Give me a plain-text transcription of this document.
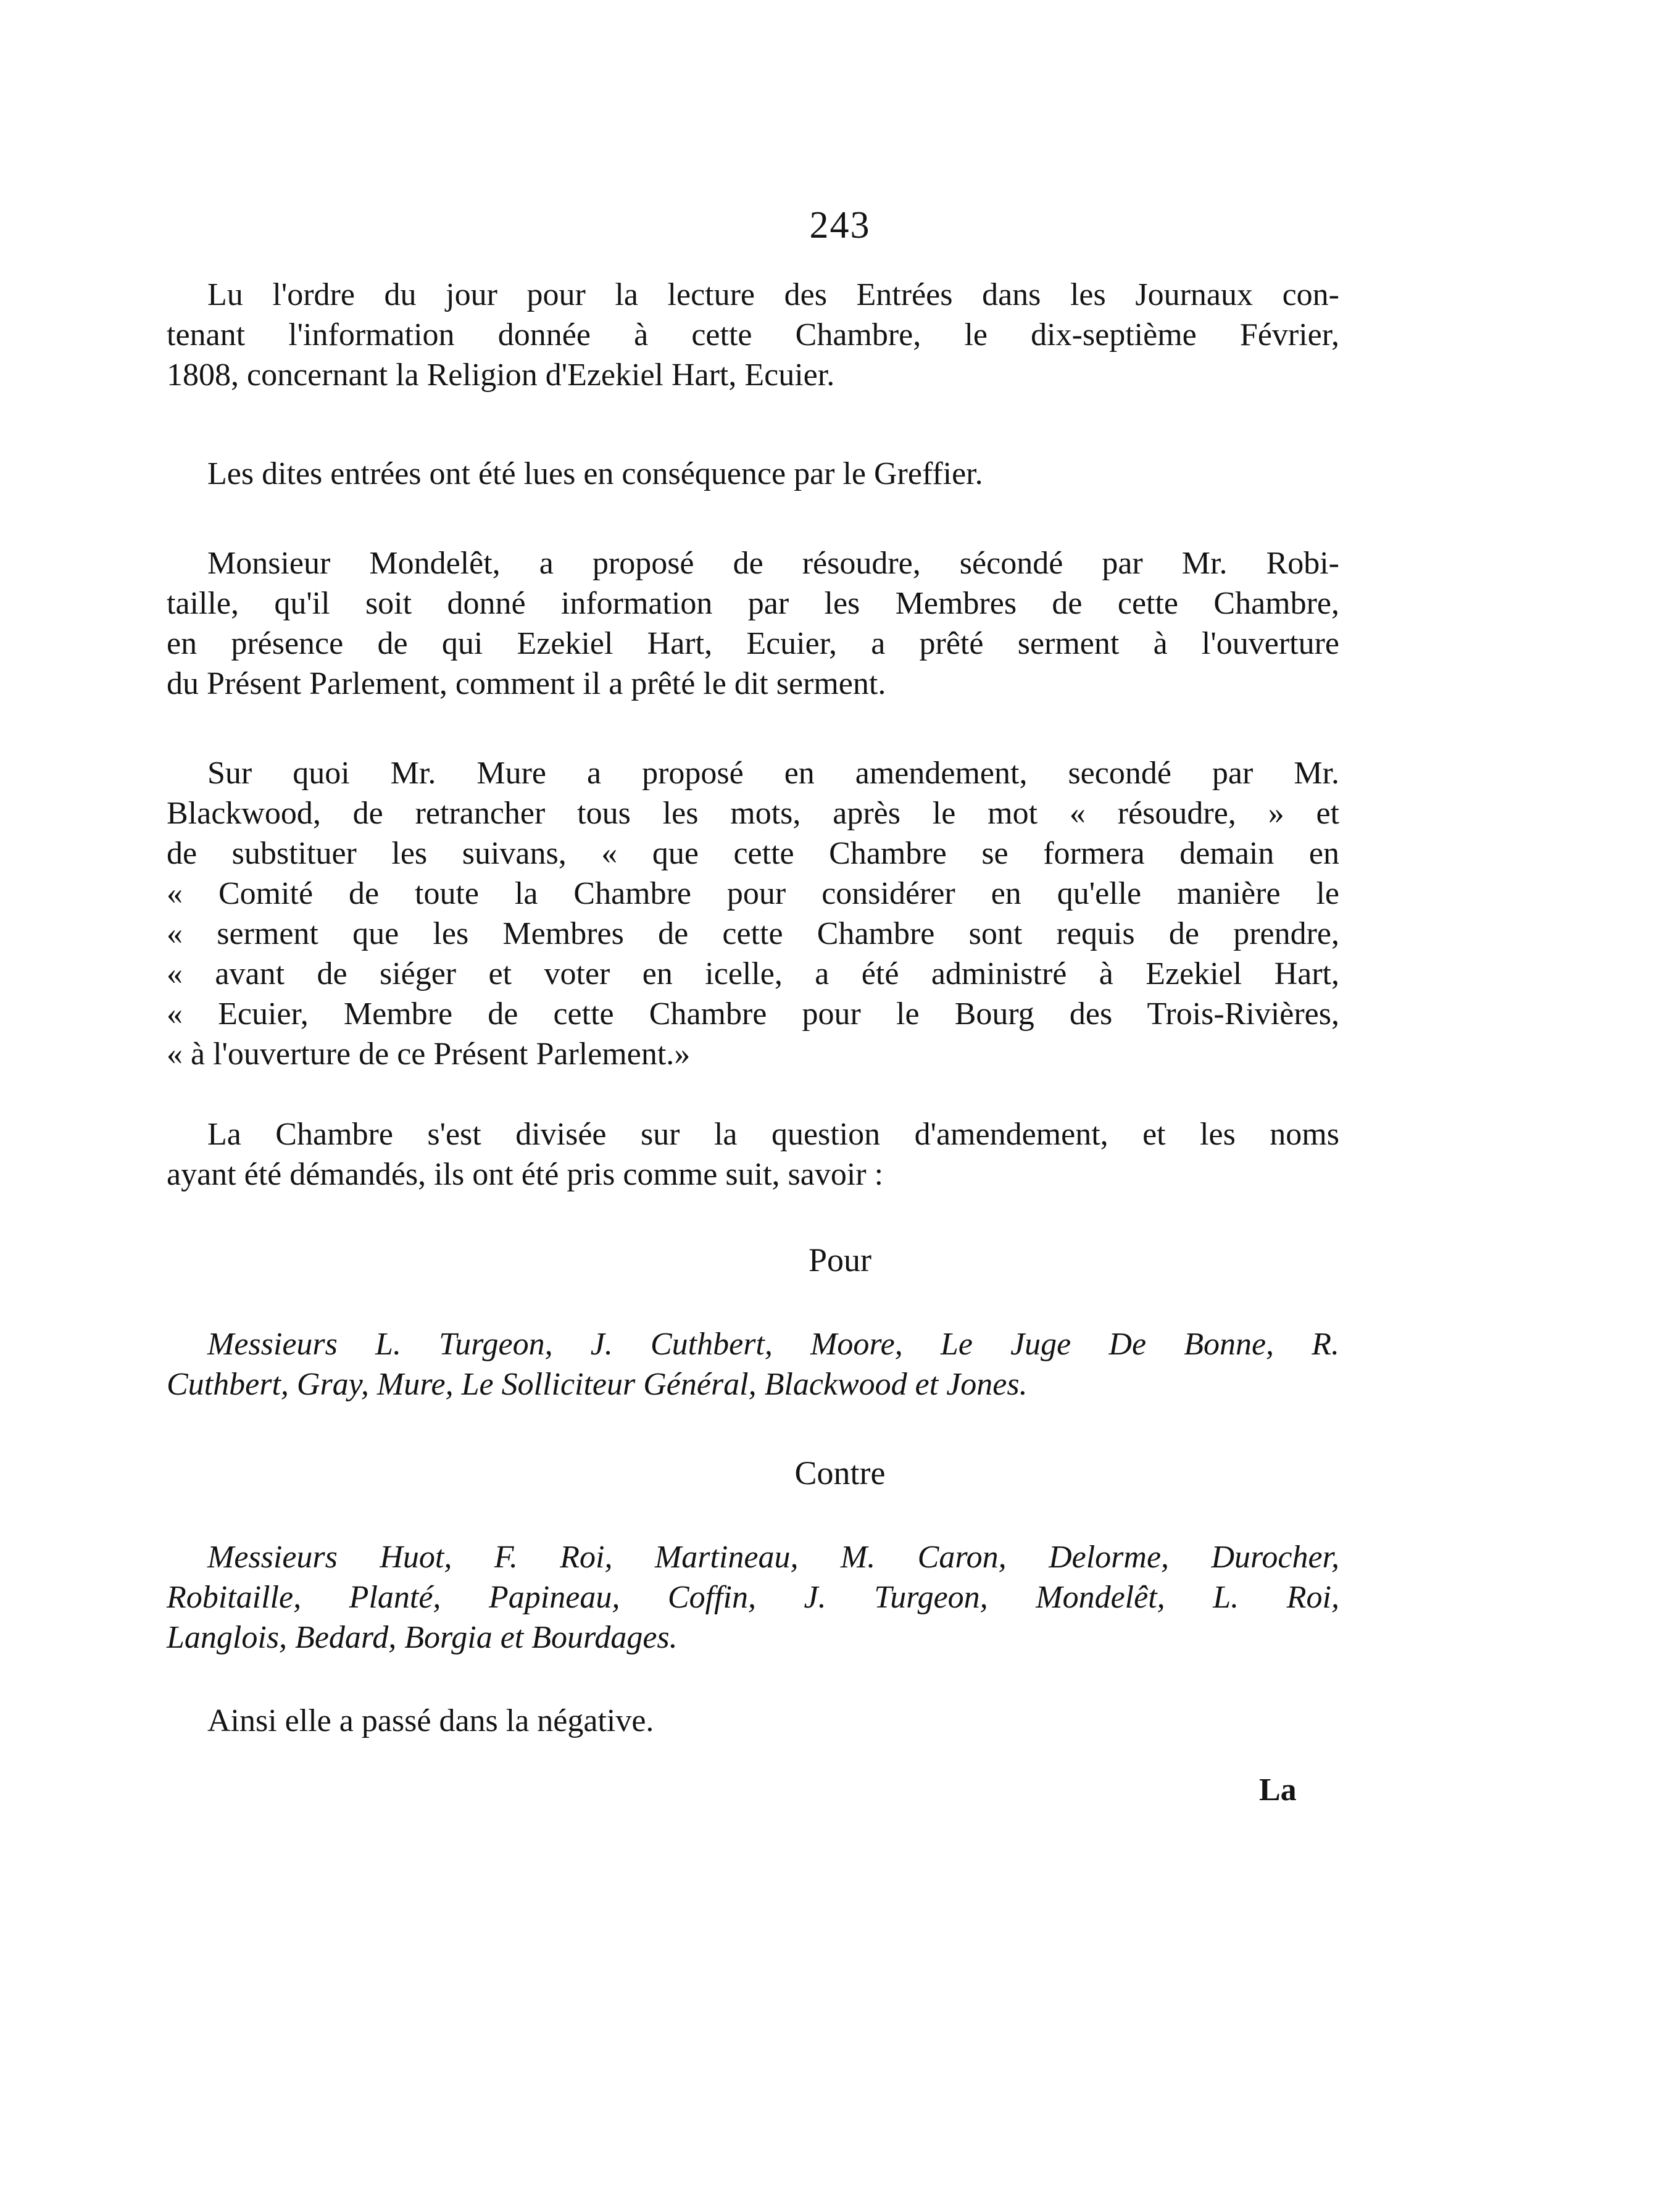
243
Lu l'ordre du jour pour la lecture des Entrées dans les Journaux con-
tenant l'information donnée à cette Chambre, le dix-septième Février,
1808, concernant la Religion d'Ezekiel Hart, Ecuier.
Les dites entrées ont été lues en conséquence par le Greffier.
Monsieur Mondelêt, a proposé de résoudre, sécondé par Mr. Robi-
taille, qu'il soit donné information par les Membres de cette Chambre,
en présence de qui Ezekiel Hart, Ecuier, a prêté serment à l'ouverture
du Présent Parlement, comment il a prêté le dit serment.
Sur quoi Mr. Mure a proposé en amendement, secondé par Mr.
Blackwood, de retrancher tous les mots, après le mot « résoudre, » et
de substituer les suivans, « que cette Chambre se formera demain en
« Comité de toute la Chambre pour considérer en qu'elle manière le
« serment que les Membres de cette Chambre sont requis de prendre,
« avant de siéger et voter en icelle, a été administré à Ezekiel Hart,
« Ecuier, Membre de cette Chambre pour le Bourg des Trois-Rivières,
« à l'ouverture de ce Présent Parlement.»
La Chambre s'est divisée sur la question d'amendement, et les noms
ayant été démandés, ils ont été pris comme suit, savoir :
Pour
Messieurs L. Turgeon, J. Cuthbert, Moore, Le Juge De Bonne, R.
Cuthbert, Gray, Mure, Le Solliciteur Général, Blackwood et Jones.
Contre
Messieurs Huot, F. Roi, Martineau, M. Caron, Delorme, Durocher,
Robitaille, Planté, Papineau, Coffin, J. Turgeon, Mondelêt, L. Roi,
Langlois, Bedard, Borgia et Bourdages.
Ainsi elle a passé dans la négative.
La
